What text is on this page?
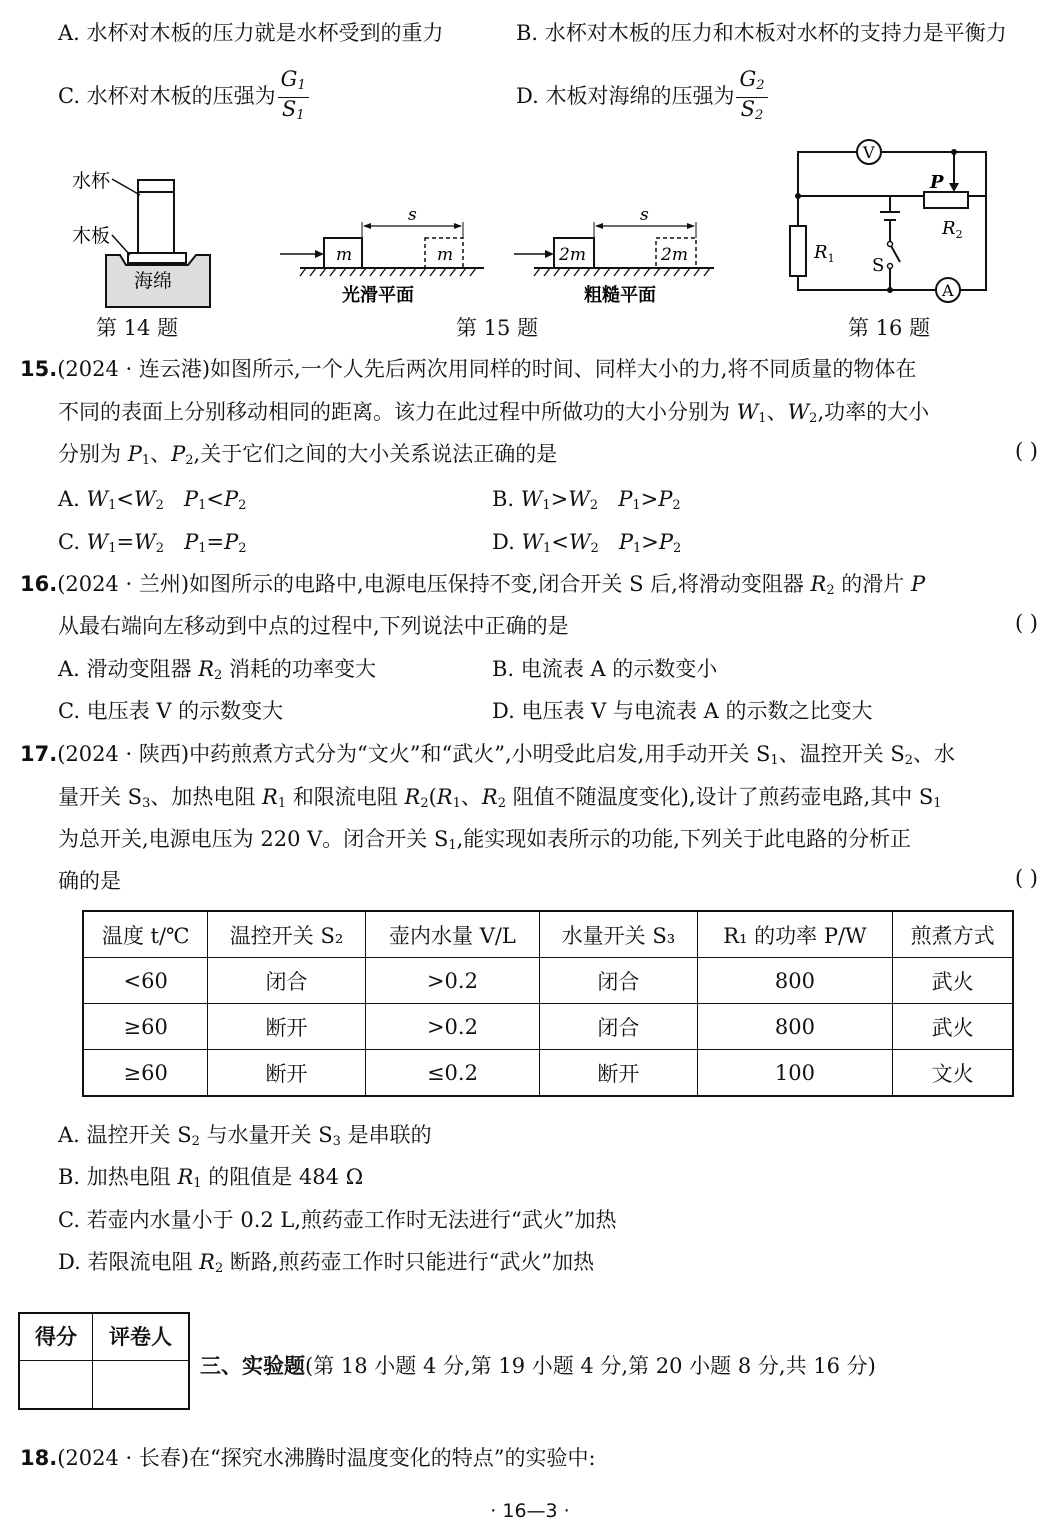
A. 水杯对木板的压力就是水杯受到的重力	B. 水杯对木板的压力和木板对水杯的支持力是平衡力
C. 水杯对木板的压强为 $\frac{G_1}{S_1}$	D. 木板对海绵的压强为 $\frac{G_2}{S_2}$
水杯
木板
海绵
第 14 题
s
m	m
光滑平面
s
2m	2m
粗糙平面
第 15 题
V
A
P
$R_2$
$R_1$ S
第 16 题
15.(2024 · 连云港)如图所示,一个人先后两次用同样的时间、同样大小的力,将不同质量的物体在
不同的表面上分别移动相同的距离。该力在此过程中所做功的大小分别为 $W_1$、$W_2$,功率的大小
分别为 $P_1$、$P_2$,关于它们之间的大小关系说法正确的是	( )
A. $W_1<W_2$ $P_1<P_2$	B. $W_1>W_2$ $P_1>P_2$
C. $W_1=W_2$ $P_1=P_2$	D. $W_1<W_2$ $P_1>P_2$
16.(2024 · 兰州)如图所示的电路中,电源电压保持不变,闭合开关 S 后,将滑动变阻器 $R_2$ 的滑片 P
从最右端向左移动到中点的过程中,下列说法中正确的是	( )
A. 滑动变阻器 $R_2$ 消耗的功率变大	B. 电流表 A 的示数变小
C. 电压表 V 的示数变大	D. 电压表 V 与电流表 A 的示数之比变大
17.(2024 · 陕西)中药煎煮方式分为“文火”和“武火”,小明受此启发,用手动开关 $S_1$、温控开关 $S_2$、水
量开关 $S_3$、加热电阻 $R_1$ 和限流电阻 $R_2(R_1$、$R_2$ 阻值不随温度变化),设计了煎药壶电路,其中 $S_1$
为总开关,电源电压为 220 V。闭合开关 $S_1$,能实现如表所示的功能,下列关于此电路的分析正
确的是	( )
温度 t/℃	温控开关 S₂	壶内水量 V/L	水量开关 S₃	R₁ 的功率 P/W	煎煮方式
<60	闭合	>0.2	闭合	800	武火
≥60	断开	>0.2	闭合	800	武火
≥60	断开	≤0.2	断开	100	文火
A. 温控开关 $S_2$ 与水量开关 $S_3$ 是串联的
B. 加热电阻 $R_1$ 的阻值是 484 Ω
C. 若壶内水量小于 0.2 L,煎药壶工作时无法进行“武火”加热
D. 若限流电阻 $R_2$ 断路,煎药壶工作时只能进行“武火”加热
得分	评卷人
三、实验题(第 18 小题 4 分,第 19 小题 4 分,第 20 小题 8 分,共 16 分)
18.(2024 · 长春)在“探究水沸腾时温度变化的特点”的实验中:
· 16—3 ·
